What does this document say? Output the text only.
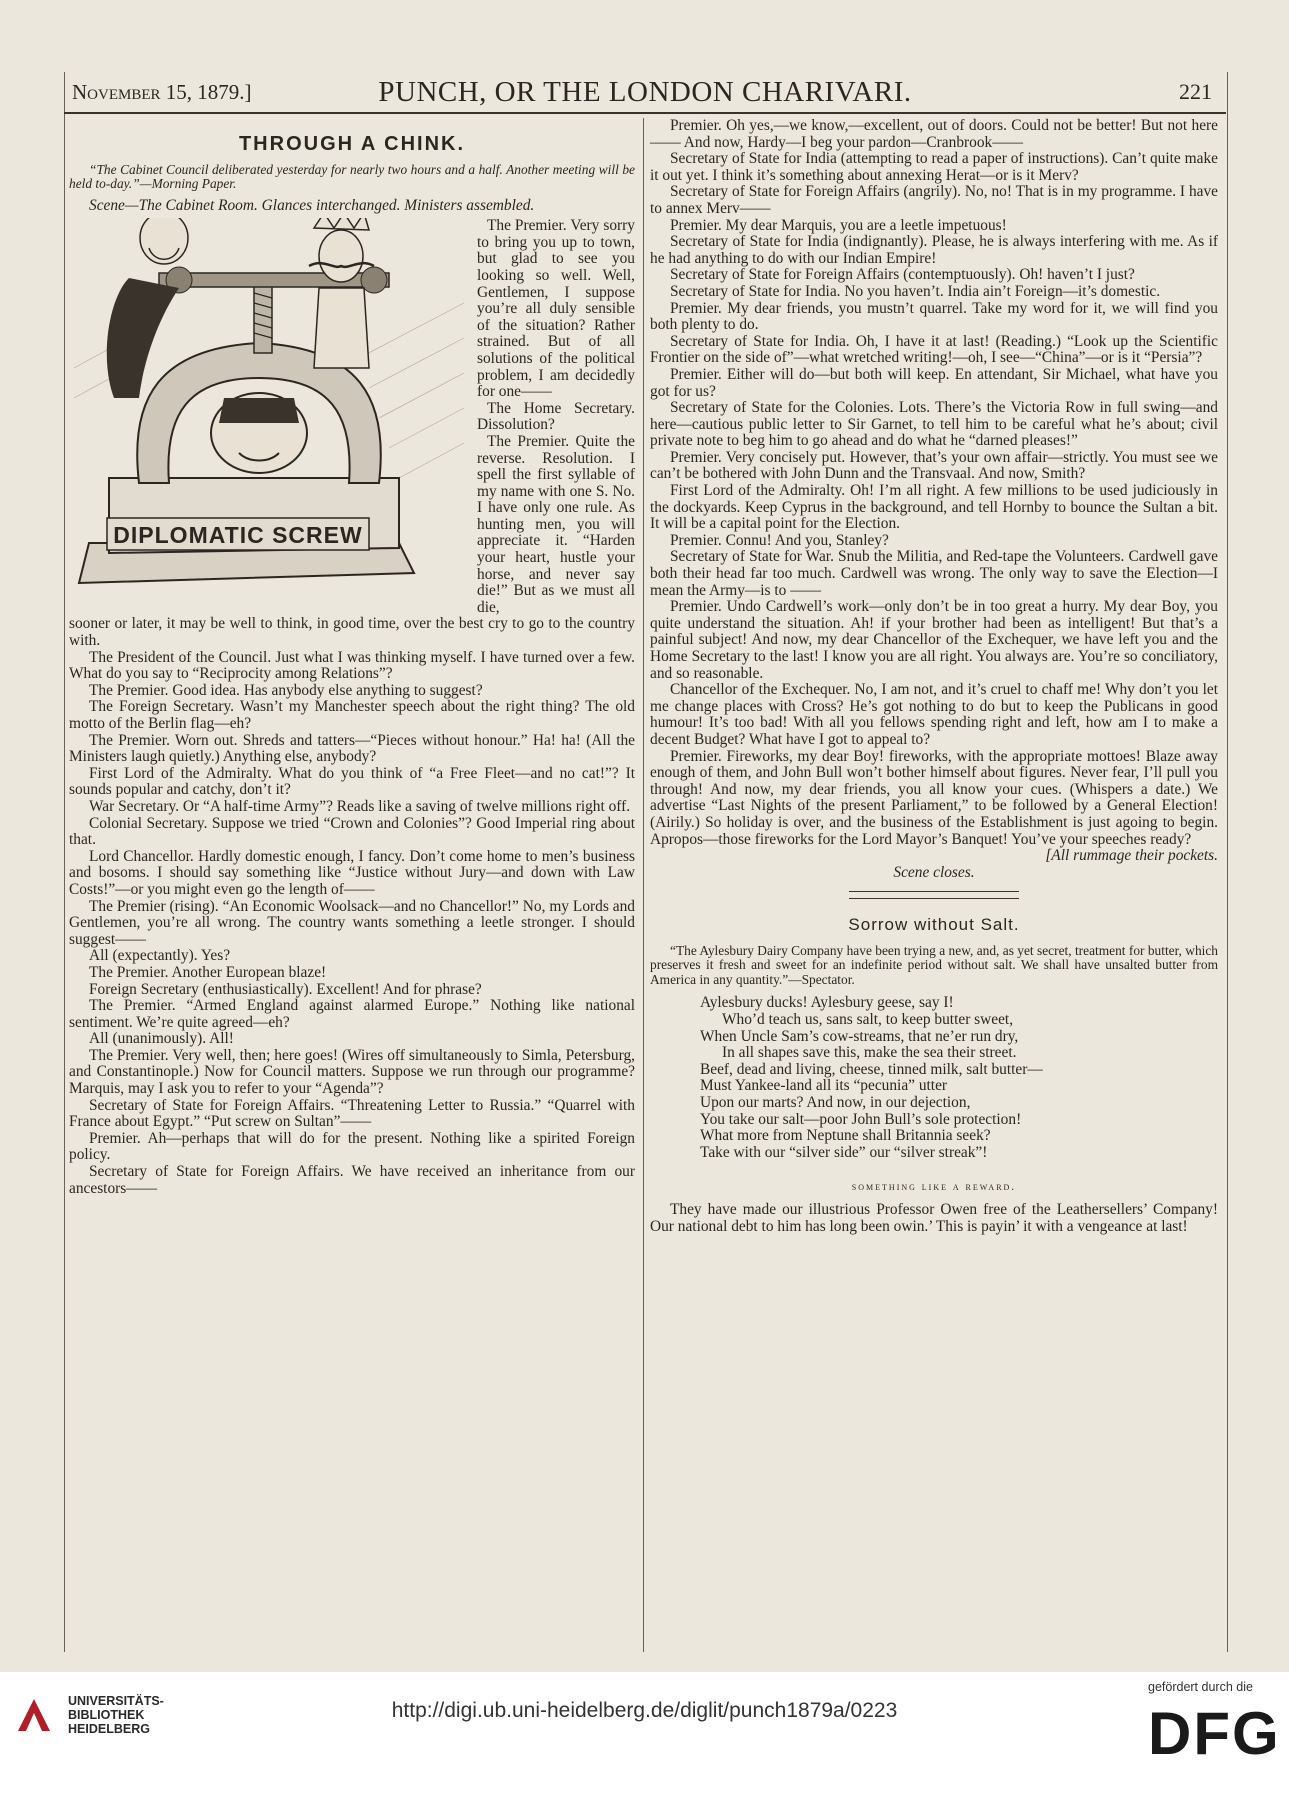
November 15, 1879.]	PUNCH, OR THE LONDON CHARIVARI.	221
THROUGH A CHINK.
“The Cabinet Council deliberated yesterday for nearly two hours and a half. Another meeting will be held to-day.”—Morning Paper.
Scene—The Cabinet Room. Glances interchanged. Ministers assembled.
DIPLOMATIC SCREW

The Premier. Very sorry to bring you up to town, but glad to see you looking so well. Well, Gentlemen, I suppose you’re all duly sensible of the situation? Rather strained. But of all solutions of the political problem, I am decidedly for one——

The Home Secretary. Dissolution?

The Premier. Quite the reverse. Resolution. I spell the first syllable of my name with one S. No. I have only one rule. As hunting men, you will appreciate it. “Harden your heart, hustle your horse, and never say die!” But as we must all die,

sooner or later, it may be well to think, in good time, over the best cry to go to the country with.

The President of the Council. Just what I was thinking myself. I have turned over a few. What do you say to “Reciprocity among Relations”?

The Premier. Good idea. Has anybody else anything to suggest?

The Foreign Secretary. Wasn’t my Manchester speech about the right thing? The old motto of the Berlin flag—eh?

The Premier. Worn out. Shreds and tatters—“Pieces without honour.” Ha! ha! (All the Ministers laugh quietly.) Anything else, anybody?

First Lord of the Admiralty. What do you think of “a Free Fleet—and no cat!”? It sounds popular and catchy, don’t it?

War Secretary. Or “A half-time Army”? Reads like a saving of twelve millions right off.

Colonial Secretary. Suppose we tried “Crown and Colonies”? Good Imperial ring about that.

Lord Chancellor. Hardly domestic enough, I fancy. Don’t come home to men’s business and bosoms. I should say something like “Justice without Jury—and down with Law Costs!”—or you might even go the length of——

The Premier (rising). “An Economic Woolsack—and no Chancellor!” No, my Lords and Gentlemen, you’re all wrong. The country wants something a leetle stronger. I should suggest——

All (expectantly). Yes?

The Premier. Another European blaze!

Foreign Secretary (enthusiastically). Excellent! And for phrase?

The Premier. “Armed England against alarmed Europe.” Nothing like national sentiment. We’re quite agreed—eh?

All (unanimously). All!

The Premier. Very well, then; here goes! (Wires off simultaneously to Simla, Petersburg, and Constantinople.) Now for Council matters. Suppose we run through our programme? Marquis, may I ask you to refer to your “Agenda”?

Secretary of State for Foreign Affairs. “Threatening Letter to Russia.” “Quarrel with France about Egypt.” “Put screw on Sultan”——

Premier. Ah—perhaps that will do for the present. Nothing like a spirited Foreign policy.

Secretary of State for Foreign Affairs. We have received an inheritance from our ancestors——

Premier. Oh yes,—we know,—excellent, out of doors. Could not be better! But not here—— And now, Hardy—I beg your pardon—Cranbrook——

Secretary of State for India (attempting to read a paper of instructions). Can’t quite make it out yet. I think it’s something about annexing Herat—or is it Merv?

Secretary of State for Foreign Affairs (angrily). No, no! That is in my programme. I have to annex Merv——

Premier. My dear Marquis, you are a leetle impetuous!

Secretary of State for India (indignantly). Please, he is always interfering with me. As if he had anything to do with our Indian Empire!

Secretary of State for Foreign Affairs (contemptuously). Oh! haven’t I just?

Secretary of State for India. No you haven’t. India ain’t Foreign—it’s domestic.

Premier. My dear friends, you mustn’t quarrel. Take my word for it, we will find you both plenty to do.

Secretary of State for India. Oh, I have it at last! (Reading.) “Look up the Scientific Frontier on the side of”—what wretched writing!—oh, I see—“China”—or is it “Persia”?

Premier. Either will do—but both will keep. En attendant, Sir Michael, what have you got for us?

Secretary of State for the Colonies. Lots. There’s the Victoria Row in full swing—and here—cautious public letter to Sir Garnet, to tell him to be careful what he’s about; civil private note to beg him to go ahead and do what he “darned pleases!”

Premier. Very concisely put. However, that’s your own affair—strictly. You must see we can’t be bothered with John Dunn and the Transvaal. And now, Smith?

First Lord of the Admiralty. Oh! I’m all right. A few millions to be used judiciously in the dockyards. Keep Cyprus in the background, and tell Hornby to bounce the Sultan a bit. It will be a capital point for the Election.

Premier. Connu! And you, Stanley?

Secretary of State for War. Snub the Militia, and Red-tape the Volunteers. Cardwell gave both their head far too much. Cardwell was wrong. The only way to save the Election—I mean the Army—is to ——

Premier. Undo Cardwell’s work—only don’t be in too great a hurry. My dear Boy, you quite understand the situation. Ah! if your brother had been as intelligent! But that’s a painful subject! And now, my dear Chancellor of the Exchequer, we have left you and the Home Secretary to the last! I know you are all right. You always are. You’re so conciliatory, and so reasonable.

Chancellor of the Exchequer. No, I am not, and it’s cruel to chaff me! Why don’t you let me change places with Cross? He’s got nothing to do but to keep the Publicans in good humour! It’s too bad! With all you fellows spending right and left, how am I to make a decent Budget? What have I got to appeal to?

Premier. Fireworks, my dear Boy! fireworks, with the appropriate mottoes! Blaze away enough of them, and John Bull won’t bother himself about figures. Never fear, I’ll pull you through! And now, my dear friends, you all know your cues. (Whispers a date.) We advertise “Last Nights of the present Parliament,” to be followed by a General Election! (Airily.) So holiday is over, and the business of the Establishment is just agoing to begin. Apropos—those fireworks for the Lord Mayor’s Banquet! You’ve your speeches ready?

[All rummage their pockets.
Scene closes.
Sorrow without Salt.
“The Aylesbury Dairy Company have been trying a new, and, as yet secret, treatment for butter, which preserves it fresh and sweet for an indefinite period without salt. We shall have unsalted butter from America in any quantity.”—Spectator.
Aylesbury ducks! Aylesbury geese, say I!
Who’d teach us, sans salt, to keep butter sweet,
When Uncle Sam’s cow-streams, that ne’er run dry,
In all shapes save this, make the sea their street.
Beef, dead and living, cheese, tinned milk, salt butter—
Must Yankee-land all its “pecunia” utter
Upon our marts? And now, in our dejection,
You take our salt—poor John Bull’s sole protection!
What more from Neptune shall Britannia seek?
Take with our “silver side” our “silver streak”!
something like a reward.

They have made our illustrious Professor Owen free of the Leathersellers’ Company! Our national debt to him has long been owin.’ This is payin’ it with a vengeance at last!

UNIVERSITÄTS-
BIBLIOTHEK
HEIDELBERG
http://digi.ub.uni-heidelberg.de/diglit/punch1879a/0223
gefördert durch die
DFG
